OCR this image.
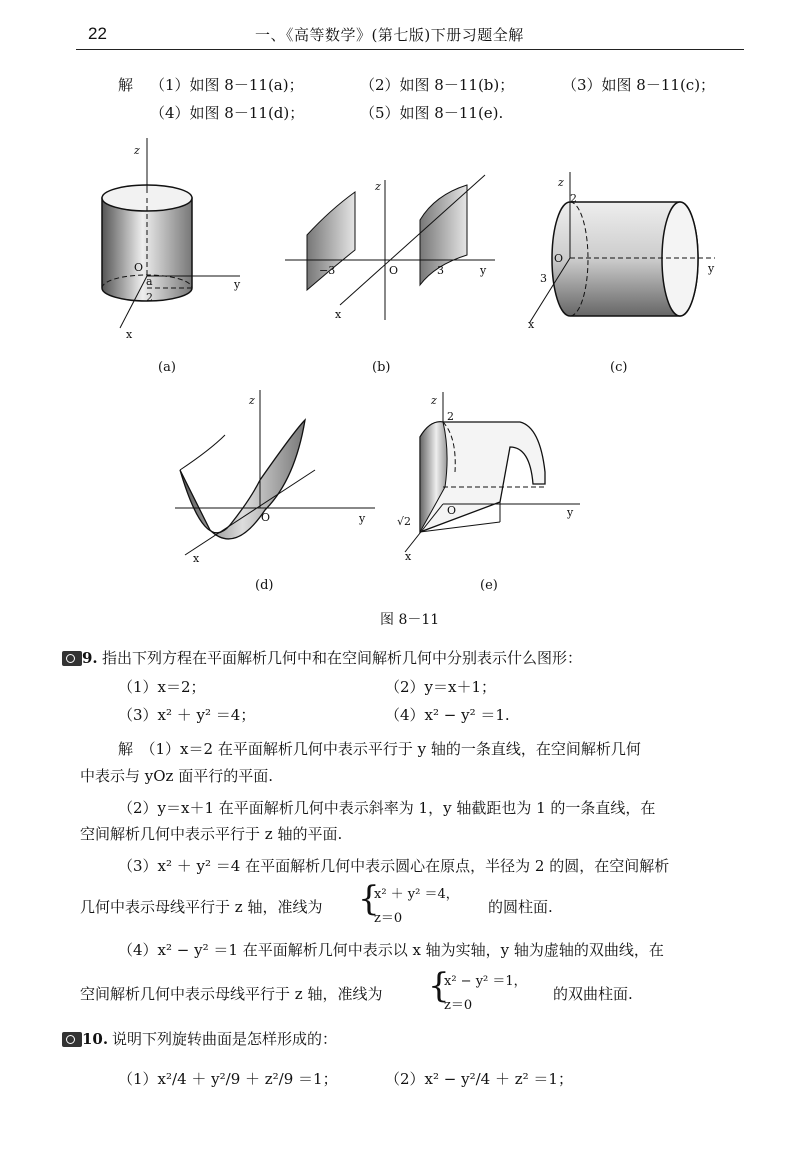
22	一、《高等数学》(第七版)下册习题全解
解 （1）如图 8－11(a)；	（2）如图 8－11(b)；	（3）如图 8－11(c)；
（4）如图 8－11(d)；	（5）如图 8－11(e).
z
y
x
O
a
2
(a)
z
y
x
O
−3	3
(b)
z
y
x
O
2
3
(c)
z
y
x
O
(d)
z
y
x
O
2
√2
(e)
图 8－11
9. 指出下列方程在平面解析几何中和在空间解析几何中分别表示什么图形：
（1）x＝2；	（2）y＝x＋1；
（3）x² ＋ y² ＝4；	（4）x² − y² ＝1.
解　（1）x＝2 在平面解析几何中表示平行于 y 轴的一条直线，在空间解析几何
中表示与 yOz 面平行的平面.
（2）y＝x＋1 在平面解析几何中表示斜率为 1，y 轴截距也为 1 的一条直线，在
空间解析几何中表示平行于 z 轴的平面.
（3）x² ＋ y² ＝4 在平面解析几何中表示圆心在原点，半径为 2 的圆，在空间解析
几何中表示母线平行于 z 轴，准线为 {
x² ＋ y² ＝4，
z＝0
的圆柱面.
（4）x² − y² ＝1 在平面解析几何中表示以 x 轴为实轴，y 轴为虚轴的双曲线，在
空间解析几何中表示母线平行于 z 轴，准线为 {
x² − y² ＝1，
z＝0
的双曲柱面.
10. 说明下列旋转曲面是怎样形成的：
（1）x²/4 ＋ y²/9 ＋ z²/9 ＝1；	（2）x² − y²/4 ＋ z² ＝1；
